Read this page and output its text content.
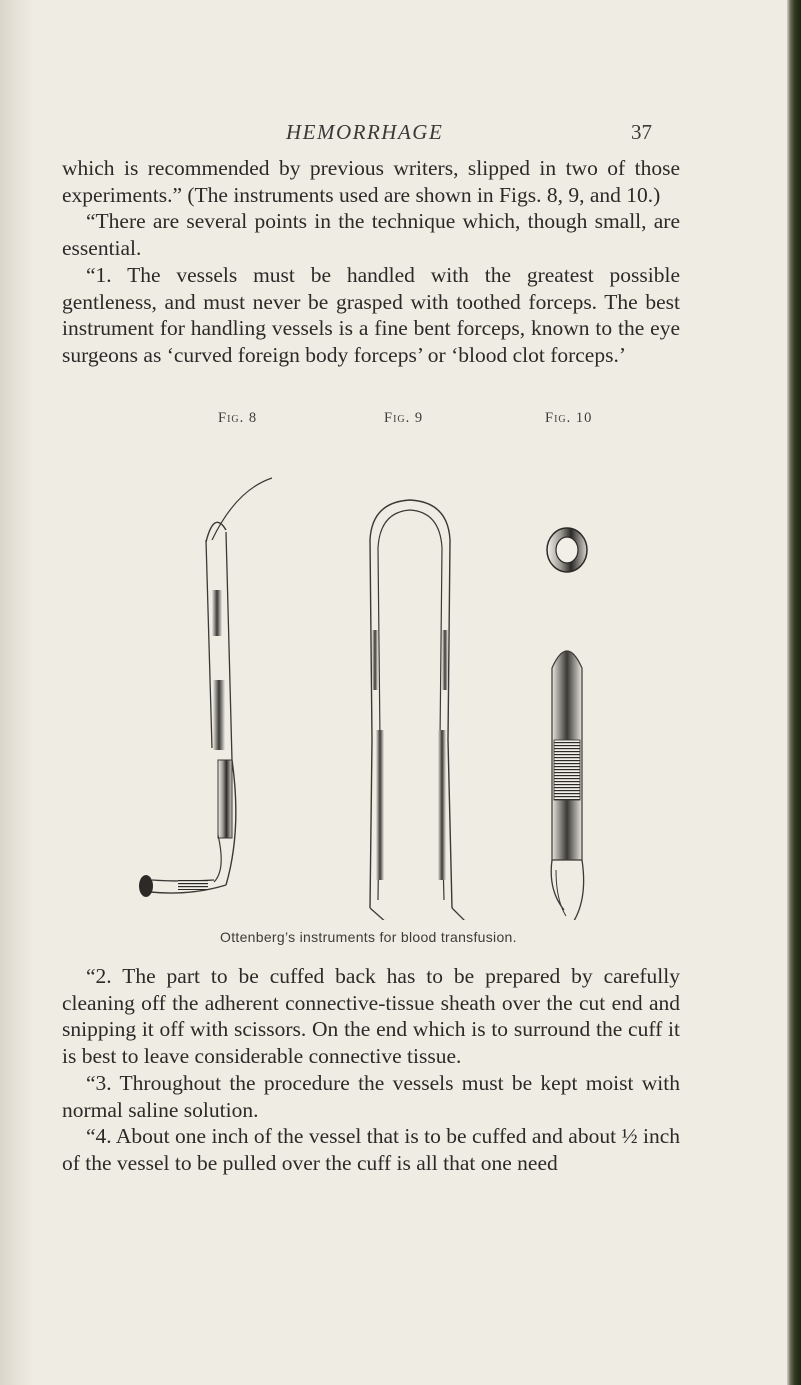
HEMORRHAGE	37

which is recommended by previous writers, slipped in two of those experiments.” (The instruments used are shown in Figs. 8, 9, and 10.)

“There are several points in the technique which, though small, are essential.

“1. The vessels must be handled with the greatest possible gentleness, and must never be grasped with toothed forceps. The best instrument for handling vessels is a fine bent forceps, known to the eye surgeons as ‘curved foreign body forceps’ or ‘blood clot forceps.’

Fig. 8	Fig. 9	Fig. 10
Ottenberg’s instruments for blood transfusion.

“2. The part to be cuffed back has to be prepared by carefully cleaning off the adherent connective-tissue sheath over the cut end and snipping it off with scissors. On the end which is to surround the cuff it is best to leave considerable connective tissue.

“3. Throughout the procedure the vessels must be kept moist with normal saline solution.

“4. About one inch of the vessel that is to be cuffed and about ½ inch of the vessel to be pulled over the cuff is all that one need
